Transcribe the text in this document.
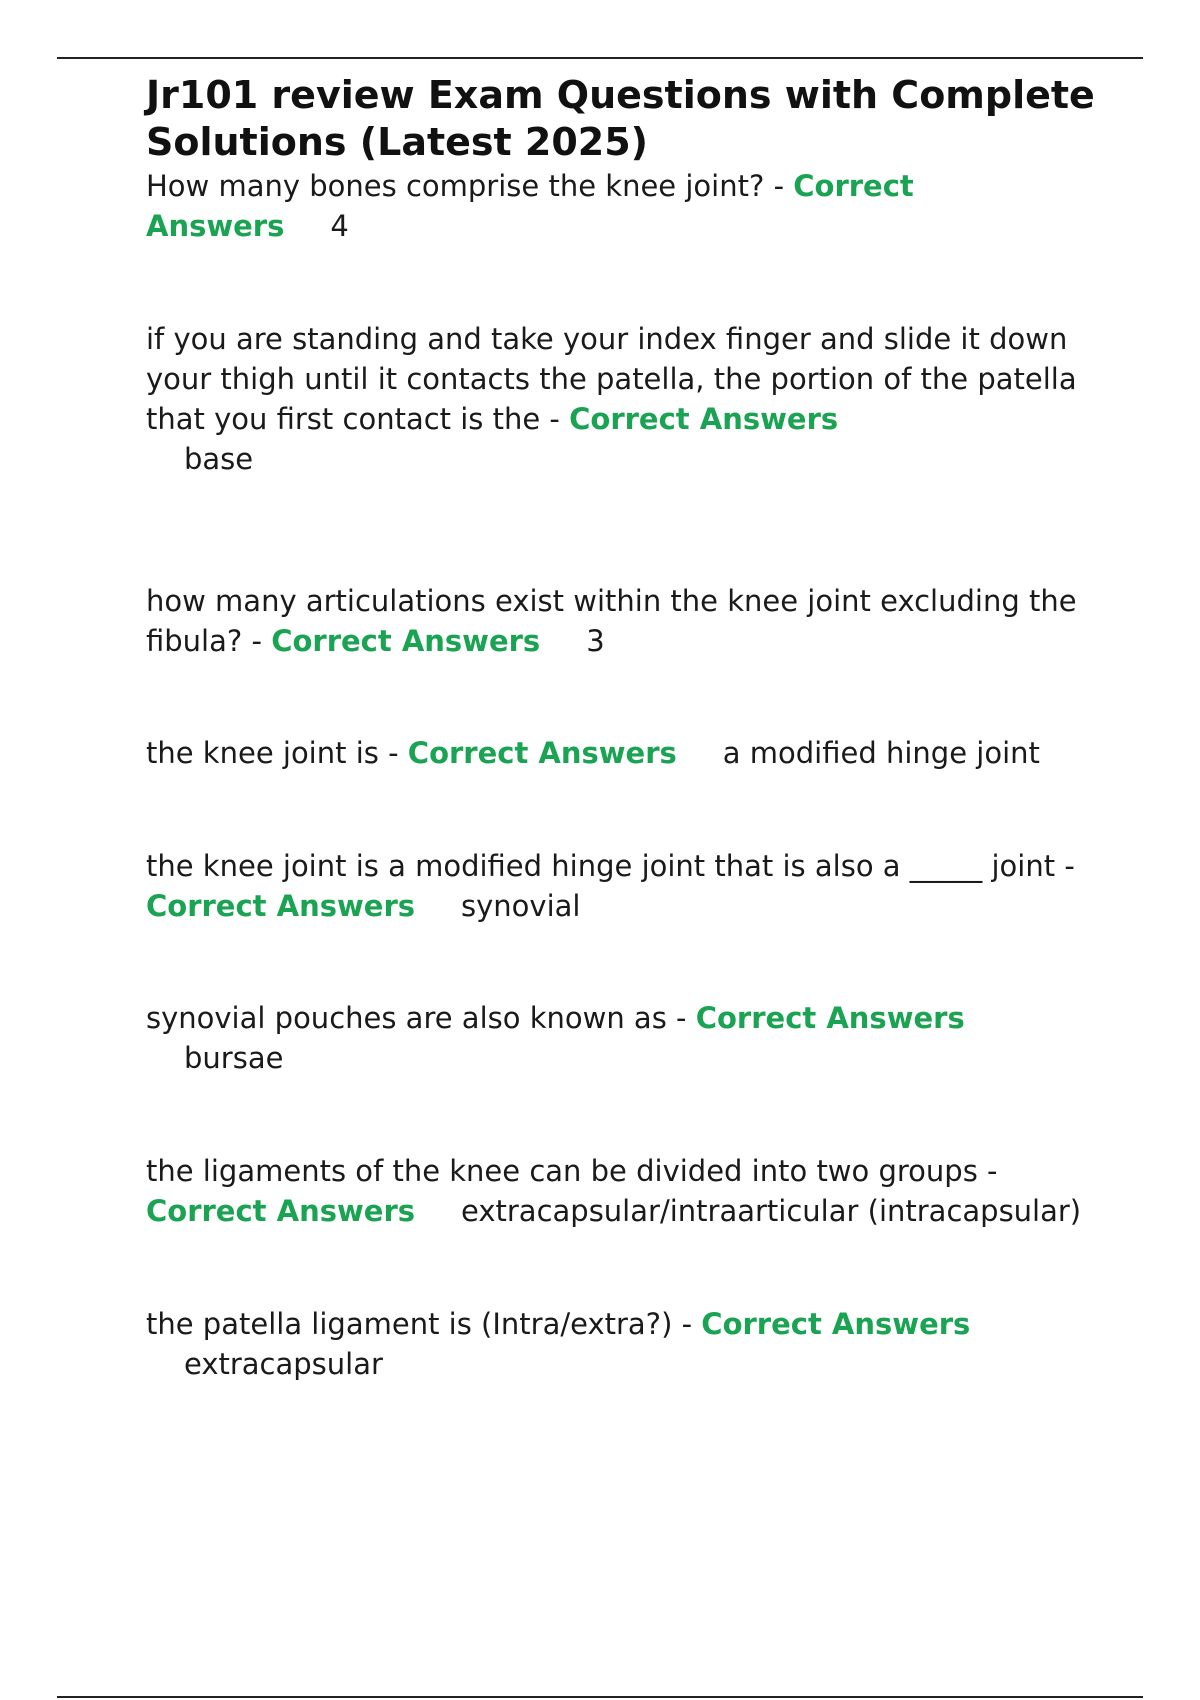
Jr101 review Exam Questions with Complete Solutions (Latest 2025)

How many bones comprise the knee joint? - Correct Answers 4

if you are standing and take your index finger and slide it down your thigh until it contacts the patella, the portion of the patella that you first contact is the - Correct Answers
base

how many articulations exist within the knee joint excluding the fibula? - Correct Answers 3

the knee joint is - Correct Answers a modified hinge joint

the knee joint is a modified hinge joint that is also a _____ joint - Correct Answers synovial

synovial pouches are also known as - Correct Answers
bursae

the ligaments of the knee can be divided into two groups -
Correct Answers extracapsular/intraarticular (intracapsular)

the patella ligament is (Intra/extra?) - Correct Answers
extracapsular
